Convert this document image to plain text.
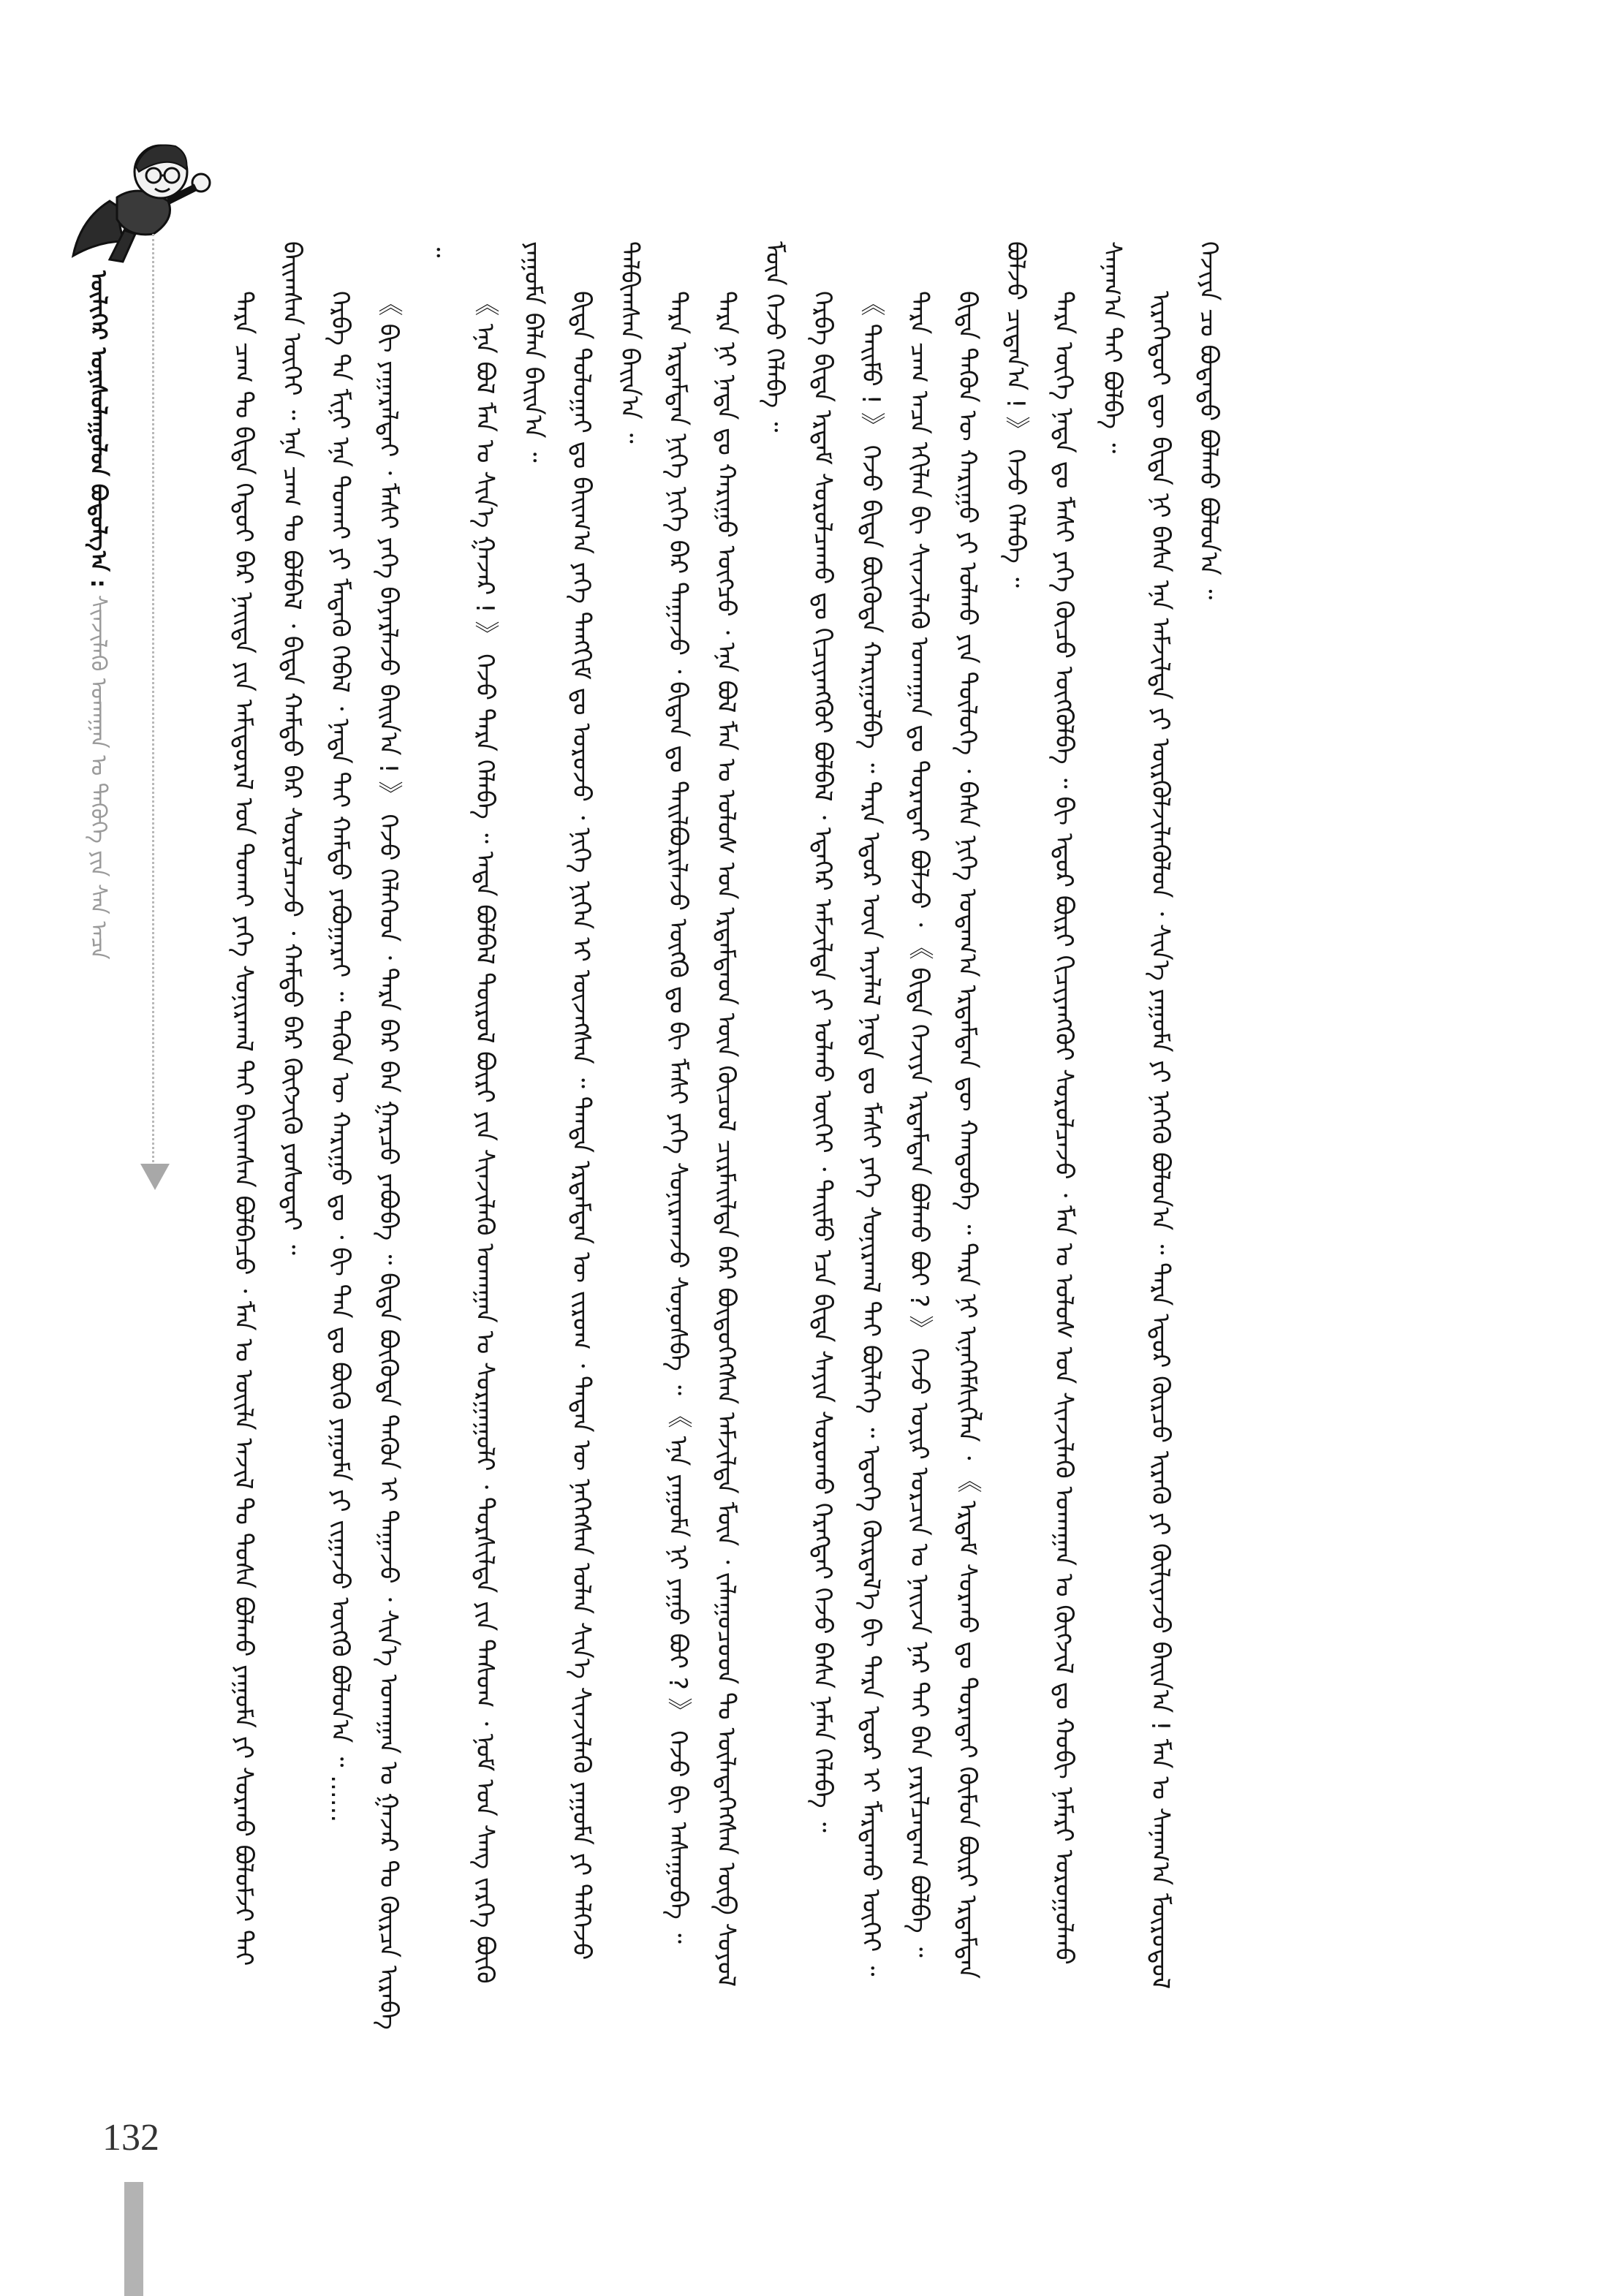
ᠦᠯᠢᠭᠡᠷ ᠣᠨᠢᠰᠤᠯᠠᠭᠤᠯᠤᠨ ᠪᠣᠳᠣᠯᠭ᠎ᠠ : ᠰᠢᠨᠵᠢᠯᠡᠬᠦ ᠤᠬᠠᠭᠠᠨ ᠤ ᠲᠡᠭᠦᠬᠡ ᠶᠢᠨ ᠰᠠᠨ ᠠᠴᠠ	ᠲᠡᠷᠡ ᠴᠠᠭ ᠲᠤ ᠪᠢᠳᠡ ᠬᠡᠳᠦᠢ ᠪᠡᠷ ᠨᠡᠢᠲᠡ ᠶᠢᠨ ᠠᠮᠢᠳᠤᠷᠠᠯ ᠤᠨ ᠲᠤᠬᠠᠢ ᠶᠡᠬᠡ ᠰᠣᠨᠢᠷᠬᠠᠯ ᠲᠠᠢ ᠪᠠᠢᠭᠰᠠᠨ ᠪᠣᠯᠪᠠᠴᠤ ᠂ ᠮᠠᠨ ᠤ ᠦᠢᠯᠡ ᠠᠵᠢᠯ ᠲᠤ ᠲᠤᠰᠠ ᠪᠣᠯᠬᠤ ᠶᠠᠭᠤᠮᠠ ᠶᠢ ᠰᠤᠷᠬᠤ ᠪᠣᠯᠣᠮᠵᠢ ᠲᠠᠢ ᠪᠠᠢᠭᠰᠠᠨ ᠦᠭᠡᠢ ᠃ ᠡᠨᠡ ᠴᠠᠭ ᠲᠤ ᠪᠣᠯᠪᠠᠯ ᠂ ᠪᠢᠳᠡ ᠬᠠᠮᠲᠤ ᠪᠡᠷ ᠰᠤᠷᠤᠯᠴᠠᠵᠤ ᠂ ᠬᠠᠮᠲᠤ ᠪᠡᠷ ᠬᠥᠭᠵᠢᠬᠦ ᠶᠤᠰᠤᠲᠠᠢ ᠃ ᠬᠡᠷᠪᠡ ᠲᠠ ᠮᠢᠨᠢ ᠡᠨᠡ ᠲᠤᠬᠠᠢ ᠶᠢ ᠮᠡᠳᠡᠬᠦ ᠭᠡᠪᠡᠯ ᠂ ᠨᠠᠳᠠ ᠲᠠᠢ ᠬᠠᠮᠲᠤ ᠶᠠᠪᠤᠭᠠᠷᠠᠢ ᠃ ᠲᠡᠭᠦᠨ ᠦ ᠬᠠᠷᠢᠭᠤ ᠳᠤ ᠂ ᠪᠢ ᠲᠠᠨ ᠳᠤ ᠪᠦᠬᠦ ᠶᠠᠭᠤᠮᠠ ᠶᠢ ᠵᠢᠭᠠᠵᠤ ᠥᠭᠬᠦ ᠪᠣᠯᠤᠨ᠎ᠠ ᠃ ...... 《 ᠪᠢ ᠶᠠᠭᠠᠷᠠᠯᠲᠠᠢ ᠂ ᠮᠠᠰᠢ ᠶᠡᠬᠡ ᠪᠠᠶᠠᠷᠯᠠᠵᠤ ᠪᠠᠢᠨ᠎ᠠ ! 》 ᠭᠡᠵᠦ ᠬᠡᠯᠡᠭᠡᠳ ᠂ ᠲᠡᠷᠡ ᠪᠡᠷ ᠪᠠᠨ ᠭᠠᠷᠴᠤ ᠶᠠᠪᠤᠪᠠ ᠃ ᠪᠢᠳᠡ ᠪᠦᠭᠦᠳᠡ ᠲᠡᠭᠦᠨ ᠢ ᠳᠠᠭᠠᠵᠤ ᠂ ᠰᠢᠨ᠎ᠡ ᠤᠬᠠᠭᠠᠨ ᠤ ᠭᠠᠵᠠᠷ ᠲᠤ ᠬᠦᠷᠴᠡ ᠢᠷᠡᠪᠡ ᠃

《 ᠡᠨᠡ ᠪᠣᠯ ᠮᠠᠨ ᠤ ᠰᠢᠨ᠎ᠡ ᠭᠠᠵᠠᠷ ! 》 ᠭᠡᠵᠦ ᠲᠡᠷᠡ ᠬᠡᠯᠡᠪᠡ ᠃ ᠡᠨᠳᠡ ᠪᠣᠯᠪᠠᠯ ᠲᠦᠷᠦᠯ ᠪᠦᠷᠢ ᠶᠢᠨ ᠰᠢᠨᠵᠢᠯᠡᠬᠦ ᠤᠬᠠᠭᠠᠨ ᠤ ᠰᠤᠷᠭᠠᠭᠤᠯᠢ ᠂ ᠲᠤᠷᠰᠢᠯᠲᠠ ᠶᠢᠨ ᠲᠠᠰᠤᠭ ᠂ ᠨᠣᠮ ᠤᠨ ᠰᠠᠩ ᠵᠡᠷᠭᠡ ᠪᠦᠬᠦ ᠶᠠᠭᠤᠮᠠ ᠪᠡᠯᠡᠨ ᠪᠠᠢᠨ᠎ᠠ ᠃ ᠪᠢᠳᠡ ᠲᠤᠯᠤᠭᠠᠢ ᠳᠤ ᠪᠠᠢᠭ᠎ᠠ ᠶᠡᠬᠡ ᠲᠠᠩᠬᠢᠮ ᠳᠤ ᠣᠷᠣᠵᠤ ᠂ ᠨᠢᠭᠡ ᠨᠢᠭᠡᠨ ᠢ ᠦᠵᠡᠭᠰᠡᠨ ᠃ ᠲᠡᠨᠳᠡ ᠡᠷᠳᠡᠮᠲᠡᠨ ᠦ ᠵᠢᠷᠤᠭ ᠂ ᠲᠡᠳᠡᠨ ᠦ ᠨᠡᠭᠡᠭᠰᠡᠨ ᠣᠯᠠᠨ ᠰᠢᠨ᠎ᠡ ᠰᠢᠨᠵᠢᠯᠡᠬᠦ ᠶᠠᠭᠤᠮᠠ ᠶᠢ ᠳᠡᠯᠭᠡᠵᠦ ᠲᠠᠯᠪᠢᠭᠰᠠᠨ ᠪᠠᠢᠨ᠎ᠠ ᠃ ᠲᠡᠷᠡ ᠡᠷᠳᠡᠮᠲᠡᠨ ᠨᠢᠭᠡ ᠨᠢᠭᠡ ᠪᠡᠷ ᠳᠠᠭᠠᠵᠤ ᠂ ᠪᠢᠳᠡᠨ ᠳᠤ ᠲᠠᠢᠯᠪᠤᠷᠢᠯᠠᠵᠤ ᠥᠭᠬᠦ ᠳᠤ ᠪᠢ ᠮᠠᠰᠢ ᠶᠡᠬᠡ ᠰᠣᠨᠢᠷᠬᠠᠵᠤ ᠰᠣᠨᠣᠰᠪᠠ ᠃ 《 ᠡᠨᠡ ᠶᠠᠭᠤᠮᠠ ᠨᠢ ᠶᠠᠭᠤ ᠪᠣᠢ ? 》 ᠭᠡᠵᠦ ᠪᠢ ᠠᠰᠠᠭᠤᠪᠠ ᠃ ᠲᠡᠷᠡ ᠨᠢ ᠨᠠᠳᠠ ᠳᠤ ᠬᠠᠷᠢᠭᠤ ᠥᠭᠴᠦ ᠂ ᠡᠨᠡ ᠪᠣᠯ ᠮᠠᠨ ᠤ ᠤᠯᠤᠰ ᠤᠨ ᠡᠷᠳᠡᠮᠲᠡᠳ ᠦᠨ ᠬᠦᠴᠦᠯ ᠴᠢᠷᠮᠠᠢᠯᠲᠠ ᠪᠡᠷ ᠪᠦᠲᠦᠭᠡᠭᠰᠡᠨ ᠠᠮᠵᠢᠯᠲᠠ ᠮᠥᠨ ᠂ ᠵᠠᠯᠠᠭᠤᠴᠤᠳ ᠲᠤ ᠦᠯᠡᠳᠡᠭᠡᠭᠰᠡᠨ ᠥᠪ ᠰᠣᠶᠣᠯ ᠮᠥᠨ ᠭᠡᠵᠦ ᠬᠡᠯᠡᠪᠡ ᠃ ᠬᠡᠷᠪᠡ ᠪᠢᠳᠡ ᠡᠷᠳᠡᠮ ᠰᠤᠷᠤᠯᠴᠠᠬᠤ ᠳᠤ ᠬᠢᠴᠢᠶᠡᠩᠭᠦᠢ ᠪᠣᠯᠪᠠᠯ ᠂ ᠡᠳᠡᠭᠡᠷ ᠠᠮᠵᠢᠯᠲᠠ ᠶᠢ ᠣᠯᠬᠤ ᠦᠭᠡᠢ ᠂ ᠲᠡᠢᠮᠦ ᠡᠴᠡ ᠪᠢᠳᠡ ᠰᠠᠶᠢᠨ ᠰᠤᠷᠤᠬᠤ ᠬᠡᠷᠡᠭᠲᠡᠢ ᠭᠡᠵᠦ ᠪᠠᠰᠠ ᠨᠡᠮᠡᠨ ᠬᠡᠯᠡᠪᠡ ᠃ 《 ᠲᠡᠢᠮᠦ ! 》 ᠭᠡᠵᠦ ᠪᠢᠳᠡ ᠪᠦᠭᠦᠳᠡ ᠬᠠᠷᠢᠭᠤᠯᠪᠠ ᠃ ᠲᠡᠷᠡ ᠡᠳᠦᠷ ᠦᠨ ᠠᠶᠠᠯᠠᠯ ᠨᠠᠳᠠ ᠳᠤ ᠮᠠᠰᠢ ᠶᠡᠬᠡ ᠰᠣᠨᠢᠷᠬᠠᠯ ᠲᠠᠢ ᠪᠦᠯᠡᠭᠡ ᠃ ᠡᠳᠦᠭᠡ ᠬᠦᠷᠲᠡᠯ᠎ᠡ ᠪᠢ ᠲᠡᠷᠡ ᠡᠳᠦᠷ ᠢ ᠮᠠᠷᠳᠠᠬᠤ ᠦᠭᠡᠢ ᠃ ᠲᠡᠷᠡ ᠴᠠᠭ ᠠᠴᠠ ᠡᠬᠢᠯᠡᠨ ᠪᠢ ᠰᠢᠨᠵᠢᠯᠡᠬᠦ ᠤᠬᠠᠭᠠᠨ ᠳᠤ ᠳᠤᠷᠠᠲᠠᠢ ᠪᠣᠯᠵᠤ ᠂ 《 ᠪᠢᠳᠡ ᠬᠡᠵᠢᠶᠡ ᠡᠷᠳᠡᠮᠲᠡᠨ ᠪᠣᠯᠬᠤ ᠪᠣᠢ ? 》 ᠭᠡᠵᠦ ᠣᠶᠢᠷ ᠣᠷᠴᠢᠨ ᠤ ᠨᠠᠢᠵᠠ ᠨᠠᠷ ᠲᠠᠢ ᠪᠠᠨ ᠶᠠᠷᠢᠯᠴᠠᠳᠠᠭ ᠪᠣᠯᠪᠠ ᠃ ᠪᠢᠳᠡ ᠲᠡᠭᠦᠨ ᠦ ᠬᠠᠷᠢᠭᠤ ᠶᠢ ᠣᠯᠬᠤ ᠶᠢᠨ ᠲᠥᠯᠥᠭᠡ ᠂ ᠪᠠᠰᠠ ᠨᠢᠭᠡ ᠤᠳᠠᠭ᠎ᠠ ᠡᠷᠳᠡᠮᠲᠡᠨ ᠳᠦ ᠬᠠᠨᠳᠤᠪᠠ ᠃ ᠲᠡᠷᠡ ᠨᠢ ᠢᠨᠡᠭᠡᠮᠰᠢᠭᠯᠡᠨ ᠂ 《 ᠡᠷᠳᠡᠮ ᠰᠤᠷᠬᠤ ᠳᠤ ᠳᠤᠷᠠᠲᠠᠢ ᠬᠦᠮᠦᠨ ᠪᠦᠷᠢ ᠡᠷᠳᠡᠮᠲᠡᠨ ᠪᠣᠯᠵᠤ ᠴᠢᠳᠠᠨ᠎ᠠ ! 》 ᠭᠡᠵᠦ ᠬᠡᠯᠡᠪᠡ ᠃ ᠲᠡᠷᠡ ᠦᠭᠡ ᠨᠠᠳᠠ ᠳᠤ ᠮᠠᠰᠢ ᠶᠡᠬᠡ ᠬᠦᠴᠦ ᠥᠭᠭᠦᠯᠪᠡ ᠃ ᠪᠢ ᠡᠳᠦᠷ ᠪᠦᠷᠢ ᠬᠢᠴᠢᠶᠡᠩᠭᠦᠢ ᠰᠤᠷᠤᠯᠴᠠᠵᠤ ᠂ ᠮᠠᠨ ᠤ ᠤᠯᠤᠰ ᠤᠨ ᠰᠢᠨᠵᠢᠯᠡᠬᠦ ᠤᠬᠠᠭᠠᠨ ᠤ ᠬᠥᠭᠵᠢᠯ ᠳᠤ ᠬᠤᠪᠢ ᠨᠡᠮᠡᠷᠢ ᠣᠷᠣᠭᠤᠯᠬᠤ ᠰᠠᠨᠠᠭ᠎ᠠ ᠲᠠᠢ ᠪᠣᠯᠪᠠ ᠃ ᠢᠷᠡᠭᠡᠳᠦᠢ ᠳᠦ ᠪᠢᠳᠡ ᠨᠢ ᠪᠠᠰᠠ ᠡᠨᠡ ᠠᠮᠵᠢᠯᠲᠠ ᠶᠢ ᠦᠷᠭᠦᠯᠵᠢᠯᠡᠭᠦᠯᠦᠨ ᠂ ᠰᠢᠨ᠎ᠡ ᠶᠠᠭᠤᠮᠠ ᠶᠢ ᠨᠡᠭᠡᠬᠦ ᠪᠣᠯᠤᠨ᠎ᠠ ᠃ ᠲᠡᠷᠡ ᠡᠳᠦᠷ ᠬᠦᠷᠴᠦ ᠢᠷᠡᠬᠦ ᠶᠢ ᠬᠦᠯᠢᠶᠡᠵᠦ ᠪᠠᠢᠨ᠎ᠠ ! ᠮᠠᠨ ᠤ ᠰᠠᠨᠠᠭ᠎ᠠ ᠮᠦᠷᠦᠳᠦᠯ ᠬᠡᠵᠢᠶᠡ ᠴᠤ ᠪᠣᠳᠠᠲᠤ ᠪᠣᠯᠬᠤ ᠪᠣᠯᠤᠨ᠎ᠠ ᠃

132
